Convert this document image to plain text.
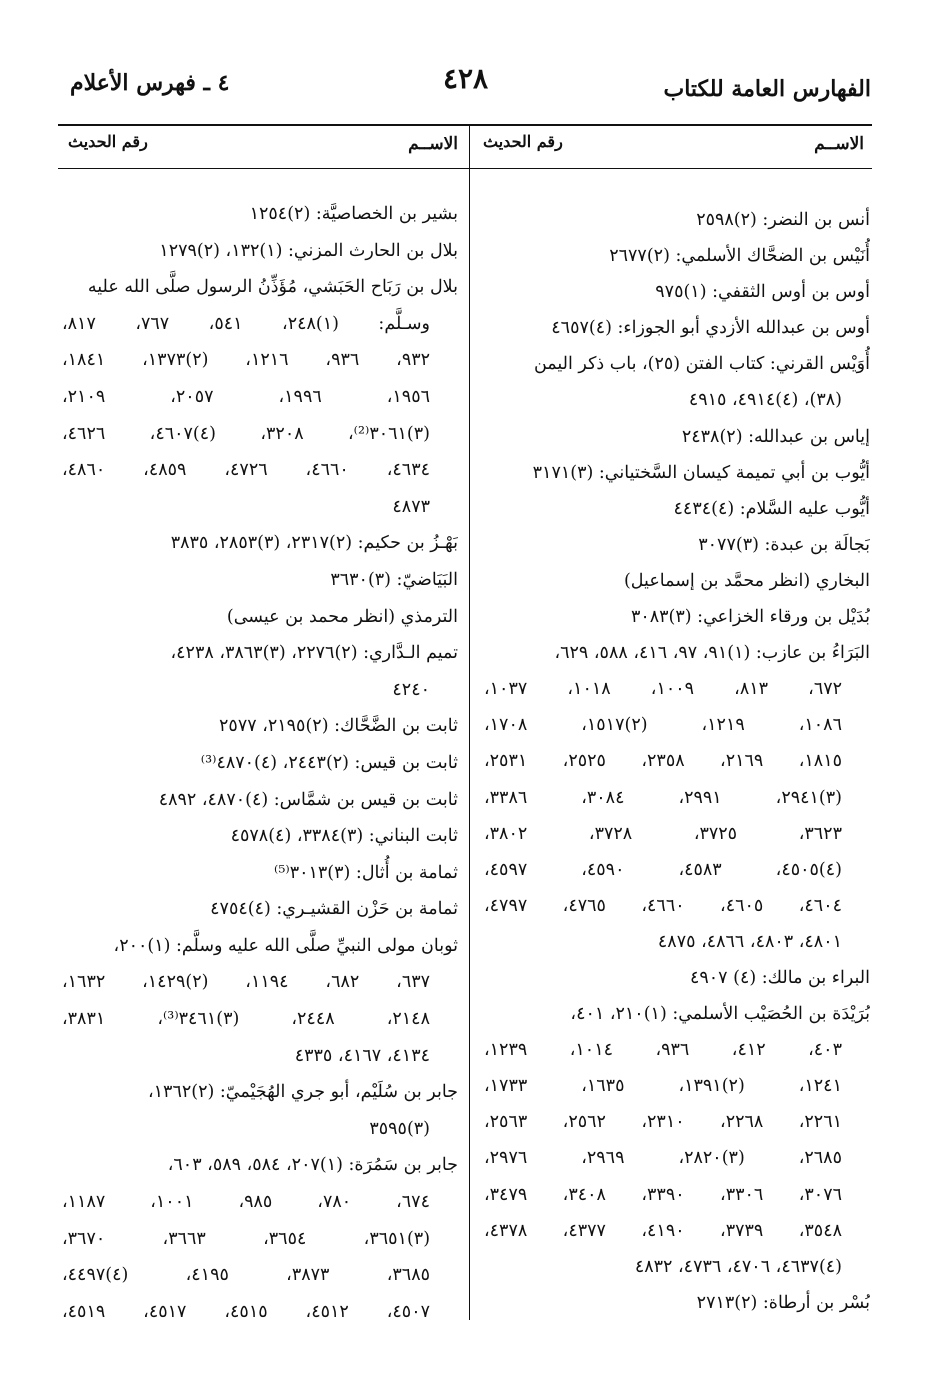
الفهارس العامة للكتاب
٤٢٨
٤ ـ فهرس الأعلام
الاســم
رقم الحديث
الاســم
رقم الحديث
أنس بن النضر: (٢)٢٥٩٨
أُنَيْس بن الضحَّاك الأسلمي: (٢)٢٦٧٧
أوس بن أوس الثقفي: (١)٩٧٥
أوس بن عبدالله الأزدي أبو الجوزاء: (٤)٤٦٥٧
أُوَيْس القرني: كتاب الفتن (٢٥)، باب ذكر اليمن
(٣٨)، (٤)٤٩١٤، ٤٩١٥
إياس بن عبدالله: (٢)٢٤٣٨
أيُّوب بن أبي تميمة كيسان السَّختياني: (٣)٣١٧١
أيُّوب عليه السَّلام: (٤)٤٤٣٤
بَجالَة بن عبدة: (٣)٣٠٧٧
البخاري (انظر محمَّد بن إسماعيل)
بُدَيْل بن ورقاء الخزاعي: (٣)٣٠٨٣
البَرَاءُ بن عازب: (١)٩١، ٩٧، ٤١٦، ٥٨٨، ٦٢٩،
٦٧٢، ٨١٣، ١٠٠٩، ١٠١٨، ١٠٣٧،
١٠٨٦، ١٢١٩، (٢)١٥١٧، ١٧٠٨،
١٨١٥، ٢١٦٩، ٢٣٥٨، ٢٥٢٥، ٢٥٣١،
(٣)٢٩٤١، ٢٩٩١، ٣٠٨٤، ٣٣٨٦،
٣٦٢٣، ٣٧٢٥، ٣٧٢٨، ٣٨٠٢،
(٤)٤٥٠٥، ٤٥٨٣، ٤٥٩٠، ٤٥٩٧،
٤٦٠٤، ٤٦٠٥، ٤٦٦٠، ٤٧٦٥، ٤٧٩٧،
٤٨٠١، ٤٨٠٣، ٤٨٦٦، ٤٨٧٥
البراء بن مالك: (٤) ٤٩٠٧
بُرَيْدَة بن الحُصَيْب الأسلمي: (١)٢١٠، ٤٠١،
٤٠٣، ٤١٢، ٩٣٦، ١٠١٤، ١٢٣٩،
١٢٤١، (٢)١٣٩١، ١٦٣٥، ١٧٣٣،
٢٢٦١، ٢٢٦٨، ٢٣١٠، ٢٥٦٢، ٢٥٦٣،
٢٦٨٥، (٣)٢٨٢٠، ٢٩٦٩، ٢٩٧٦،
٣٠٧٦، ٣٣٠٦، ٣٣٩٠، ٣٤٠٨، ٣٤٧٩،
٣٥٤٨، ٣٧٣٩، ٤١٩٠، ٤٣٧٧، ٤٣٧٨،
(٤)٤٦٣٧، ٤٧٠٦، ٤٧٣٦، ٤٨٣٢
بُسْر بن أرطاة: (٢)٢٧١٣
بشير بن الخصاصيَّة: (٢)١٢٥٤
بلال بن الحارث المزني: (١)١٣٢، (٢)١٢٧٩
بلال بن رَبَاح الحَبَشي، مُؤَذِّنُ الرسول صلَّى الله عليه
وسـلَّم: (١)٢٤٨، ٥٤١، ٧٦٧، ٨١٧،
٩٣٢، ٩٣٦، ١٢١٦، (٢)١٣٧٣، ١٨٤١،
١٩٥٦، ١٩٩٦، ٢٠٥٧، ٢١٠٩،
(٣)٣٠٦١⁽²⁾، ٣٢٠٨، (٤)٤٦٠٧، ٤٦٢٦،
٤٦٣٤، ٤٦٦٠، ٤٧٢٦، ٤٨٥٩، ٤٨٦٠،
٤٨٧٣
بَهْـزُ بن حكيم: (٢)٢٣١٧، (٣)٢٨٥٣، ٣٨٣٥
البَيَاضيّ: (٣)٣٦٣٠
الترمذي (انظر محمد بن عيسى)
تميم الـدَّاري: (٢)٢٢٧٦، (٣)٣٨٦٣، ٤٢٣٨،
٤٢٤٠
ثابت بن الضَّحَّاك: (٢)٢١٩٥، ٢٥٧٧
ثابت بن قيس: (٢)٢٤٤٣، (٤)٤٨٧٠⁽³⁾
ثابت بن قيس بن شمَّاس: (٤)٤٨٧٠، ٤٨٩٢
ثابت البناني: (٣)٣٣٨٤، (٤)٤٥٧٨
ثمامة بن أُثال: (٣)٣٠١٣⁽⁵⁾
ثمامة بن حَزْن القشيـري: (٤)٤٧٥٤
ثوبان مولى النبيِّ صلَّى الله عليه وسلَّم: (١)٢٠٠،
٦٣٧، ٦٨٢، ١١٩٤، (٢)١٤٢٩، ١٦٣٢،
٢١٤٨، ٢٤٤٨، (٣)٣٤٦١⁽³⁾، ٣٨٣١،
٤١٣٤، ٤١٦٧، ٤٣٣٥
جابر بن سُلَيْم، أبو جري الهُجَيْميّ: (٢)١٣٦٢،
(٣)٣٥٩٥
جابر بن سَمُرَة: (١)٢٠٧، ٥٨٤، ٥٨٩، ٦٠٣،
٦٧٤، ٧٨٠، ٩٨٥، ١٠٠١، ١١٨٧،
(٣)٣٦٥١، ٣٦٥٤، ٣٦٦٣، ٣٦٧٠،
٣٦٨٥، ٣٨٧٣، ٤١٩٥، (٤)٤٤٩٧،
٤٥٠٧، ٤٥١٢، ٤٥١٥، ٤٥١٧، ٤٥١٩،
